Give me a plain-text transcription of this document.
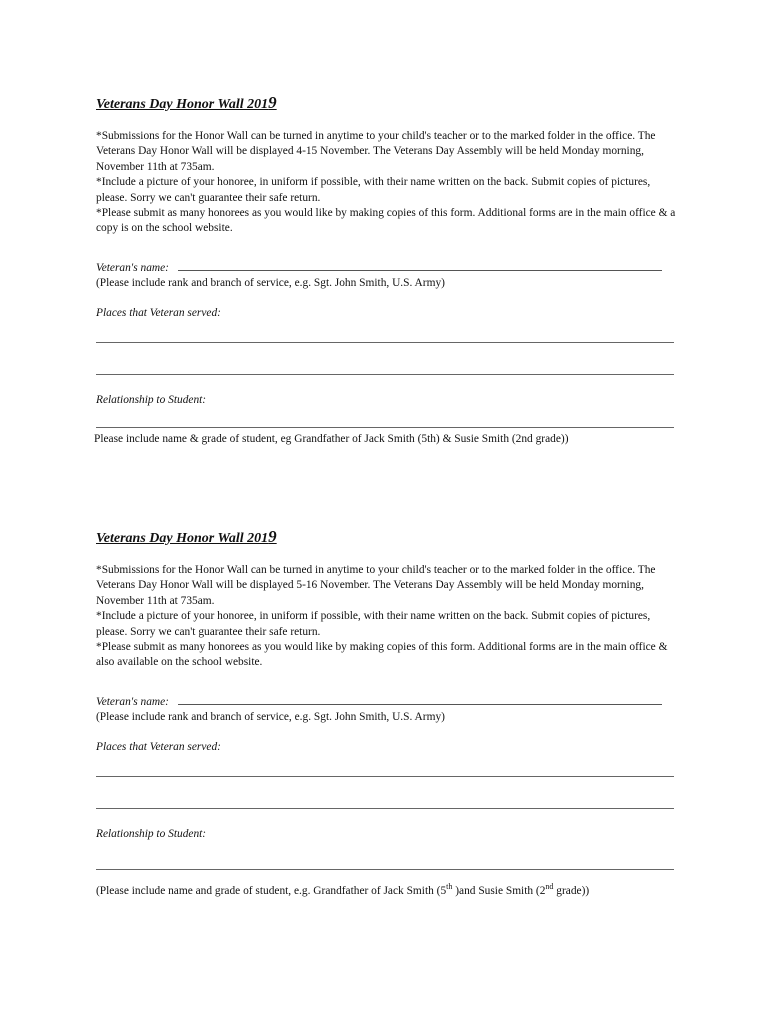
Veterans Day Honor Wall 2019

*Submissions for the Honor Wall can be turned in anytime to your child's teacher or to the marked folder in the office. The Veterans Day Honor Wall will be displayed 4-15 November. The Veterans Day Assembly will be held Monday morning, November 11th at 735am.

*Include a picture of your honoree, in uniform if possible, with their name written on the back. Submit copies of pictures, please. Sorry we can't guarantee their safe return.

*Please submit as many honorees as you would like by making copies of this form. Additional forms are in the main office & a copy is on the school website.

Veteran's name:
(Please include rank and branch of service, e.g. Sgt. John Smith, U.S. Army)
Places that Veteran served:
Relationship to Student:
Please include name & grade of student, eg Grandfather of Jack Smith (5th) & Susie Smith (2nd grade))
Veterans Day Honor Wall 2019

*Submissions for the Honor Wall can be turned in anytime to your child's teacher or to the marked folder in the office. The Veterans Day Honor Wall will be displayed 5-16 November. The Veterans Day Assembly will be held Monday morning, November 11th at 735am.

*Include a picture of your honoree, in uniform if possible, with their name written on the back. Submit copies of pictures, please. Sorry we can't guarantee their safe return.

*Please submit as many honorees as you would like by making copies of this form. Additional forms are in the main office & also available on the school website.

Veteran's name:
(Please include rank and branch of service, e.g. Sgt. John Smith, U.S. Army)
Places that Veteran served:
Relationship to Student:
(Please include name and grade of student, e.g. Grandfather of Jack Smith (5th )and Susie Smith (2nd grade))
